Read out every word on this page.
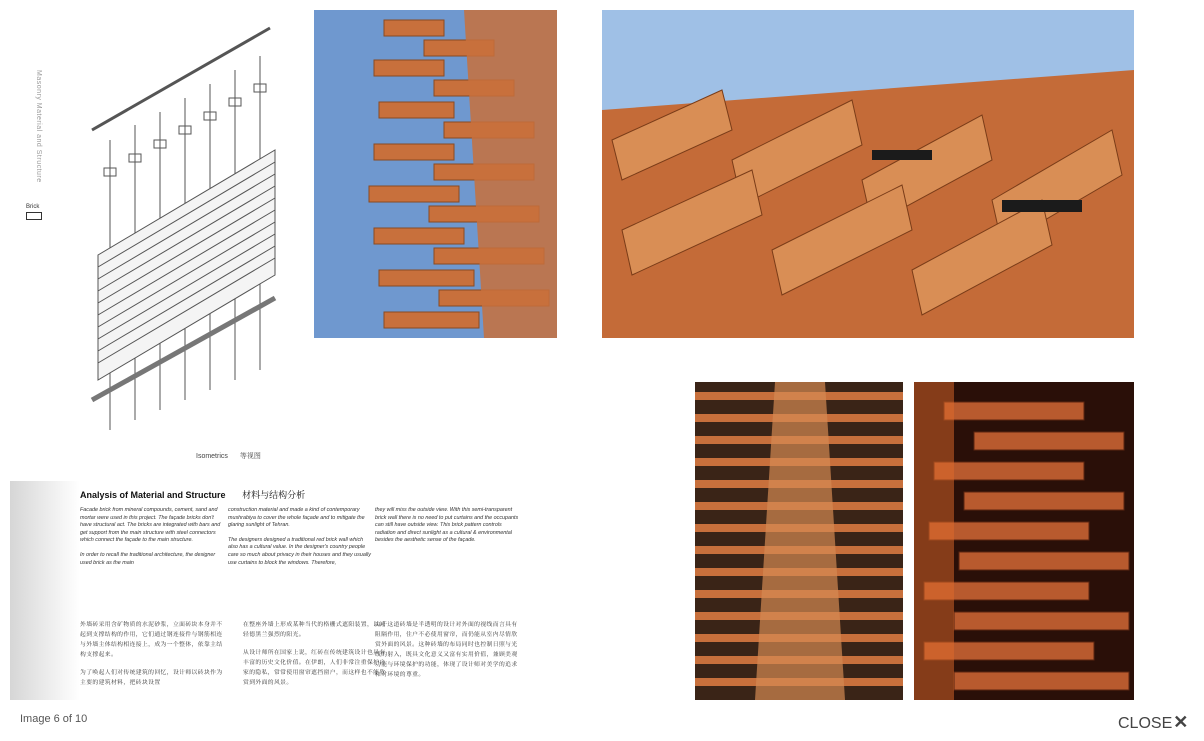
Masonry Material and Structure
Brick
Isometrics 等视图
Analysis of Material and Structure 材料与结构分析

Facade brick from mineral compounds, cement, sand and mortar were used in this project. The façade bricks don't have structural act. The bricks are integrated with bars and get support from the main structure with steel connectors which connect the façade to the main structure.

In order to recall the traditional architecture, the designer used brick as the main

construction material and made a kind of contemporary mushrabiya to cover the whole façade and to mitigate the glaring sunlight of Tehran.

The designers designed a traditional red brick wall which also has a cultural value. In the designer's country people care so much about privacy in their houses and they usually use curtains to block the windows. Therefore,

they will miss the outside view. With this semi-transparent brick wall there is no need to put curtains and the occupants can still have outside view. This brick pattern controls radiation and direct sunlight as a cultural & environmental besides the aesthetic sense of the façade.

外墙砖采用含矿物质的水泥砂浆，立面砖块本身并不起到支撑结构的作用，它们通过钢连接件与钢筋相连与外墙主体结构相连接上，成为一个整体，依靠主结构支撑起来。

为了唤起人们对传统建筑的回忆，设计师以砖块作为主要的建筑材料，把砖块设置

在整座外墙上形成某种当代的格栅式遮阳装置，以减轻德黑兰强烈的阳光。

从设计师所在国家上说，红砖在传统建筑设计也具有丰富的历史文化价值。在伊朗，人们非常注重保护自家的隐私，常常使用窗帘遮挡窗户，而这样也不能欣赏到外面的风景。

由于这道砖墙是半透明的设计对外面的视线而言具有阻隔作用，住户不必使用窗帘，而仍能从室内尽情欣赏外面的风景。这种砖墙的布局同时也控制日照与光线的射入，既具文化意义又富有实用价值，兼顾美观功能与环境保护的功能，体现了设计师对美学的追求和对环境的尊重。

Image 6 of 10	CLOSE✕
